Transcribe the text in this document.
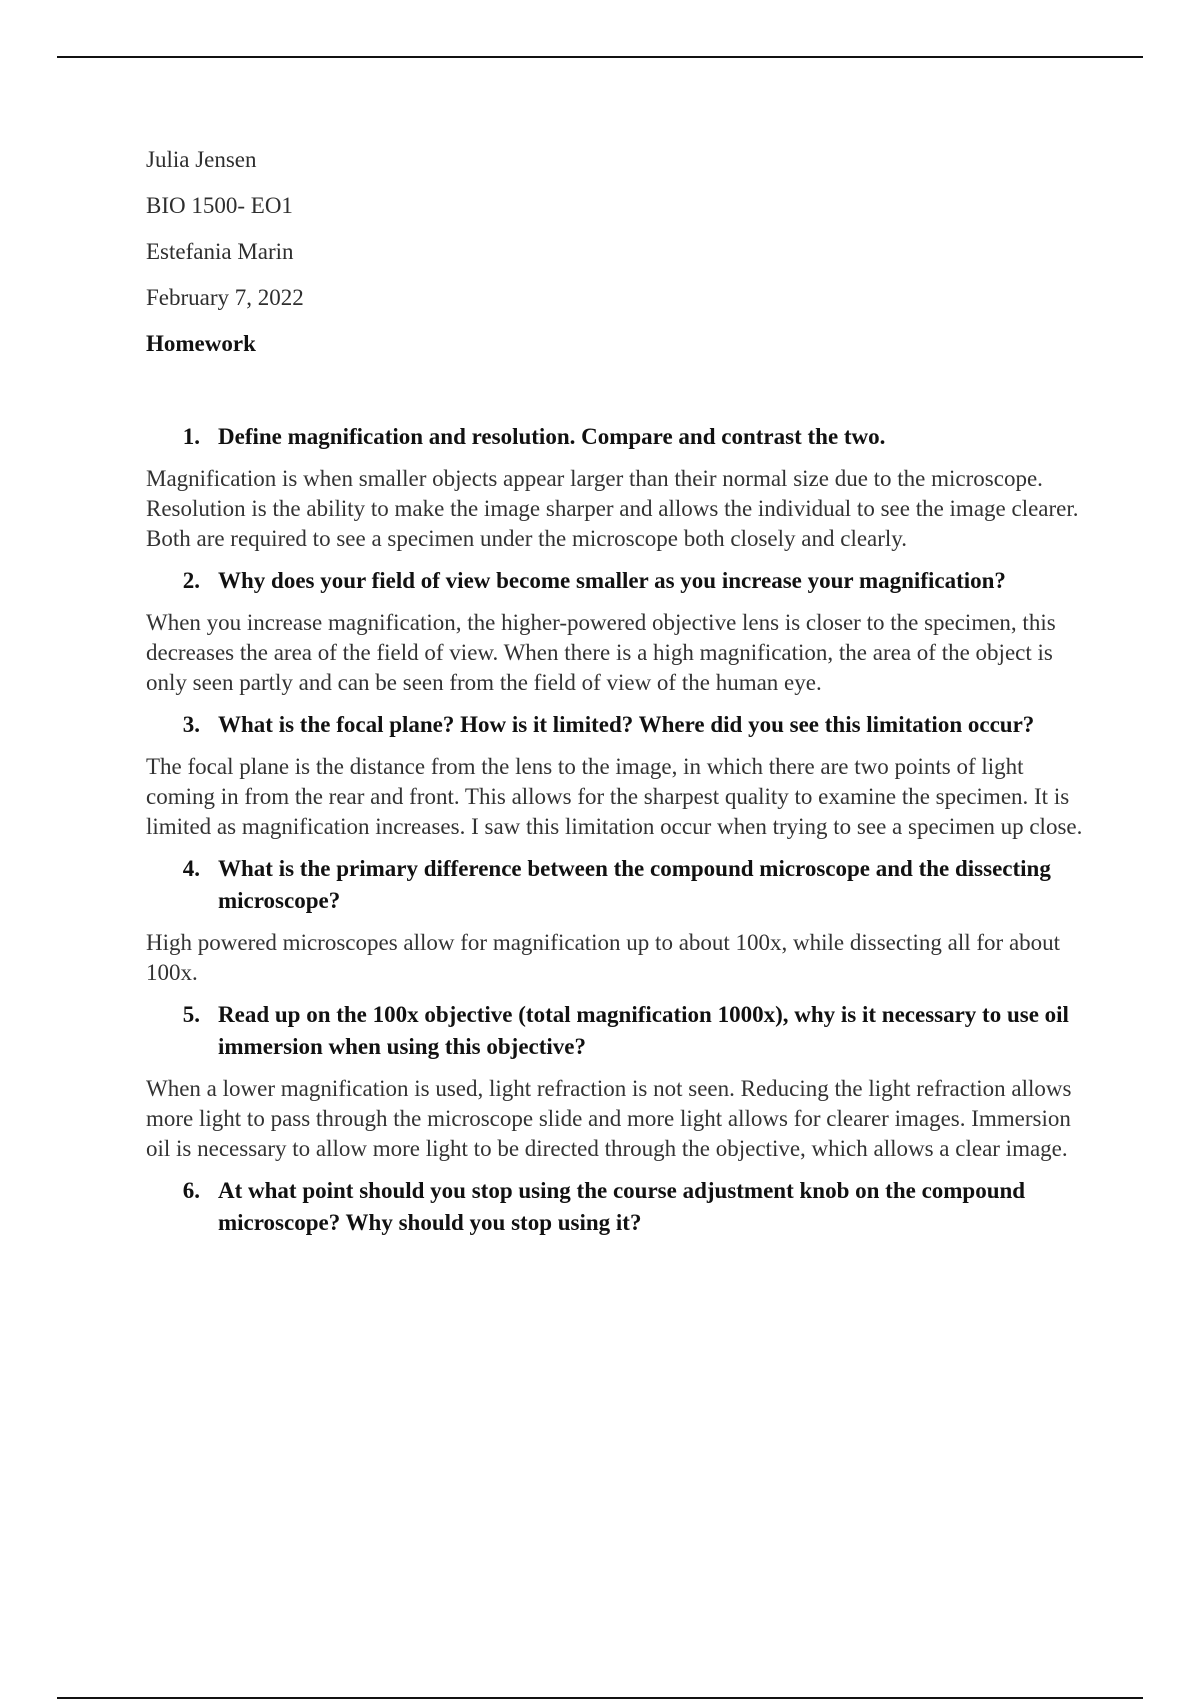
Julia Jensen
BIO 1500- EO1
Estefania Marin
February 7, 2022
Homework
1. Define magnification and resolution. Compare and contrast the two.
Magnification is when smaller objects appear larger than their normal size due to the microscope. Resolution is the ability to make the image sharper and allows the individual to see the image clearer. Both are required to see a specimen under the microscope both closely and clearly.
2. Why does your field of view become smaller as you increase your magnification?
When you increase magnification, the higher-powered objective lens is closer to the specimen, this decreases the area of the field of view. When there is a high magnification, the area of the object is only seen partly and can be seen from the field of view of the human eye.
3. What is the focal plane? How is it limited? Where did you see this limitation occur?
The focal plane is the distance from the lens to the image, in which there are two points of light coming in from the rear and front. This allows for the sharpest quality to examine the specimen. It is limited as magnification increases. I saw this limitation occur when trying to see a specimen up close.
4. What is the primary difference between the compound microscope and the dissecting microscope?
High powered microscopes allow for magnification up to about 100x, while dissecting all for about 100x.
5. Read up on the 100x objective (total magnification 1000x), why is it necessary to use oil immersion when using this objective?
When a lower magnification is used, light refraction is not seen. Reducing the light refraction allows more light to pass through the microscope slide and more light allows for clearer images. Immersion oil is necessary to allow more light to be directed through the objective, which allows a clear image.
6. At what point should you stop using the course adjustment knob on the compound microscope? Why should you stop using it?
